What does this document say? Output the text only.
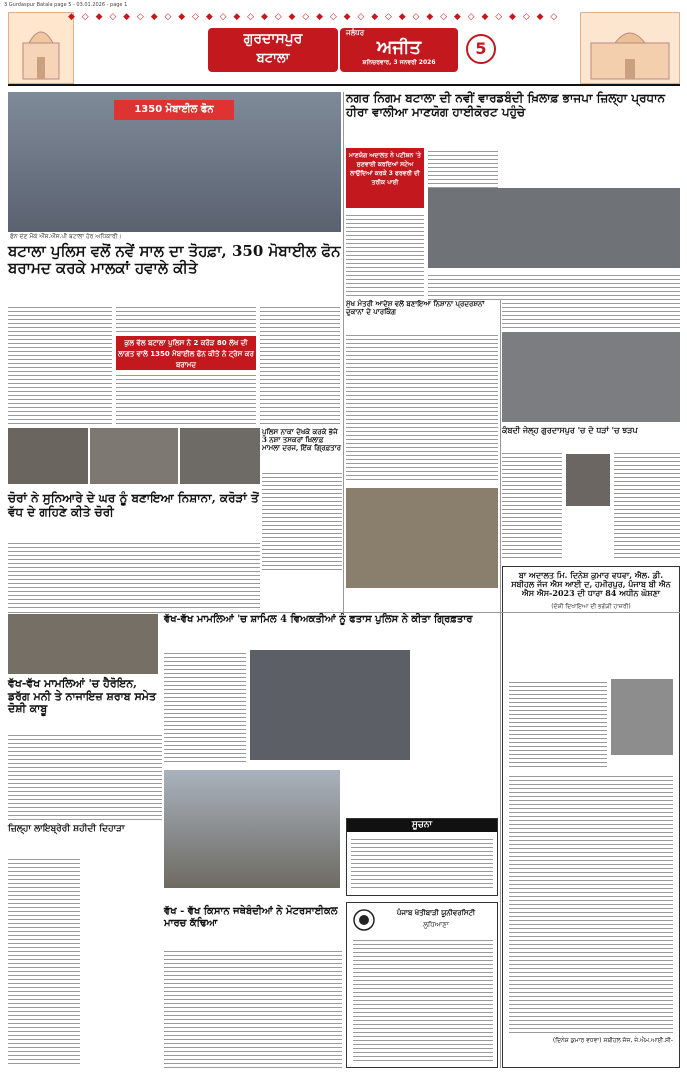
3 Gurdaspur Batala page 5 - 03.01.2026 - page 1
◆ ◇ ◆ ◇ ◆ ◇ ◆ ◇ ◆ ◇ ◆ ◇ ◆ ◇ ◆ ◇ ◆ ◇ ◆ ◇ ◆ ◇ ◆ ◇ ◆ ◇ ◆ ◇ ◆ ◇ ◆ ◇ ◆ ◇ ◆ ◇
ਗੁਰਦਾਸਪੁਰ
ਬਟਾਲਾ
ਜਲੰਧਰ
ਅਜੀਤ
ਸ਼ਨਿਚਰਵਾਰ, 3 ਜਨਵਰੀ 2026
5
1350 ਮੋਬਾਈਲ ਫੋਨ
ਫੋਨ ਦੇਣ ਮੌਕੇ ਐੱਸ.ਐੱਸ.ਪੀ ਬਟਾਲਾ ਹੋਰ ਅਧਿਕਾਰੀ।
ਬਟਾਲਾ ਪੁਲਿਸ ਵਲੋਂ ਨਵੇਂ ਸਾਲ ਦਾ ਤੋਹਫ਼ਾ, 350 ਮੋਬਾਈਲ ਫੋਨ ਬਰਾਮਦ ਕਰਕੇ ਮਾਲਕਾਂ ਹਵਾਲੇ ਕੀਤੇ
ਕੁਲ ਵੱਲ ਬਟਾਲਾ ਪੁਲਿਸ ਨੇ 2 ਕਰੋੜ 80 ਲੱਖ ਦੀ ਲਾਗਤ ਵਾਲੇ 1350 ਮੋਬਾਈਲ ਫੋਨ ਕੀਤੇ ਨੇ ਟ੍ਰੇਸ ਕਰ ਬਰਾਮਦ
ਪੁਲਿਸ ਨਾਕਾ ਦੇਖਕੇ ਕਰਕੇ ਭੱਜੇ 3 ਨਸ਼ਾ ਤਸਕਰਾਂ ਖ਼ਿਲਾਫ਼ ਮਾਮਲਾ ਦਰਜ, ਇੱਕ ਗ੍ਰਿਫ਼ਤਾਰ
ਚੋਰਾਂ ਨੇ ਸੁਨਿਆਰੇ ਦੇ ਘਰ ਨੂੰ ਬਣਾਇਆ ਨਿਸ਼ਾਨਾ, ਕਰੋੜਾਂ ਤੋਂ ਵੱਧ ਦੇ ਗਹਿਣੇ ਕੀਤੇ ਚੋਰੀ
ਵੱਖ-ਵੱਖ ਮਾਮਲਿਆਂ 'ਚ ਸ਼ਾਮਿਲ 4 ਵਿਅਕਤੀਆਂ ਨੂੰ ਫਤਾਸ ਪੁਲਿਸ ਨੇ ਕੀਤਾ ਗ੍ਰਿਫ਼ਤਾਰ
ਵੱਖ-ਵੱਖ ਮਾਮਲਿਆਂ 'ਚ ਹੈਰੋਇਨ, ਡਰੱਗ ਮਨੀ ਤੇ ਨਾਜਾਇਜ਼ ਸ਼ਰਾਬ ਸਮੇਤ ਦੋਸ਼ੀ ਕਾਬੂ
ਜ਼ਿਲ੍ਹਾ ਲਾਇਬ੍ਰੇਰੀ ਸ਼ਹੀਦੀ ਦਿਹਾੜਾ
ਵੱਖ - ਵੱਖ ਕਿਸਾਨ ਜਥੇਬੰਦੀਆਂ ਨੇ ਮੋਟਰਸਾਈਕਲ ਮਾਰਚ ਕੱਢਿਆ
ਨਗਰ ਨਿਗਮ ਬਟਾਲਾ ਦੀ ਨਵੀਂ ਵਾਰਡਬੰਦੀ ਖ਼ਿਲਾਫ਼ ਭਾਜਪਾ ਜ਼ਿਲ੍ਹਾ ਪ੍ਰਧਾਨ ਹੀਰਾ ਵਾਲੀਆ ਮਾਣਯੋਗ ਹਾਈਕੋਰਟ ਪਹੁੰਚੇ
ਮਾਣਯੋਗ ਅਦਾਲਤ ਨੇ ਪਟੀਸ਼ਨ 'ਤੇ ਸੁਣਵਾਈ ਕਰਦਿਆਂ ਸਟੇਅ ਲਾਉਂਦਿਆਂ ਕਰਕੇ 3 ਫਰਵਰੀ ਦੀ ਤਰੀਕ ਪਾਈ
ਮੁੱਖ ਮੰਤਰੀ ਆਦੇਸ਼ ਵਲੋਂ ਬਣਾਇਆ ਨਿਸ਼ਾਨਾ ਪ੍ਰਦਰਸ਼ਨਾਂ ਦੁਕਾਨਾਂ ਦੇ ਪਾਰਕਿੰਗ
ਕੰਬਦੀ ਜੇਲ੍ਹ ਗੁਰਦਾਸਪੁਰ 'ਚ ਦੋ ਧੜਾਂ 'ਚ ਝੜਪ
ਬਾ ਅਦਾਲਤ ਮਿ. ਦਿਨੇਸ਼ ਕੁਮਾਰ ਵਧਵਾ, ਐਲ. ਡੀ. ਸਬੀਹਲ ਜੱਜ ਐਸ ਆਈ ਦ, ਹਮੀਰਪੁਰ, ਪੰਜਾਬ ਬੀ ਐਨ ਐਸ ਐਸ-2023 ਦੀ ਧਾਰਾ 84 ਅਧੀਨ ਘੋਸ਼ਣਾ
(ਦੋਸ਼ੀ ਦਿਖਾਇਆ ਦੀ ਭਗੋੜੀ ਹਾਜ਼ਰੀ)
(ਦਿਨੇਸ਼ ਕੁਮਾਰ ਵਧਵਾ) ਸਬੀਹਲ ਜੱਜ, ਜੇ.ਐਮ.ਆਈ.ਸੀ-
ਸੂਚਨਾ
ਪੰਜਾਬ ਖੇਤੀਬਾੜੀ ਯੂਨੀਵਰਸਿਟੀ
ਲੁਧਿਆਣਾ
